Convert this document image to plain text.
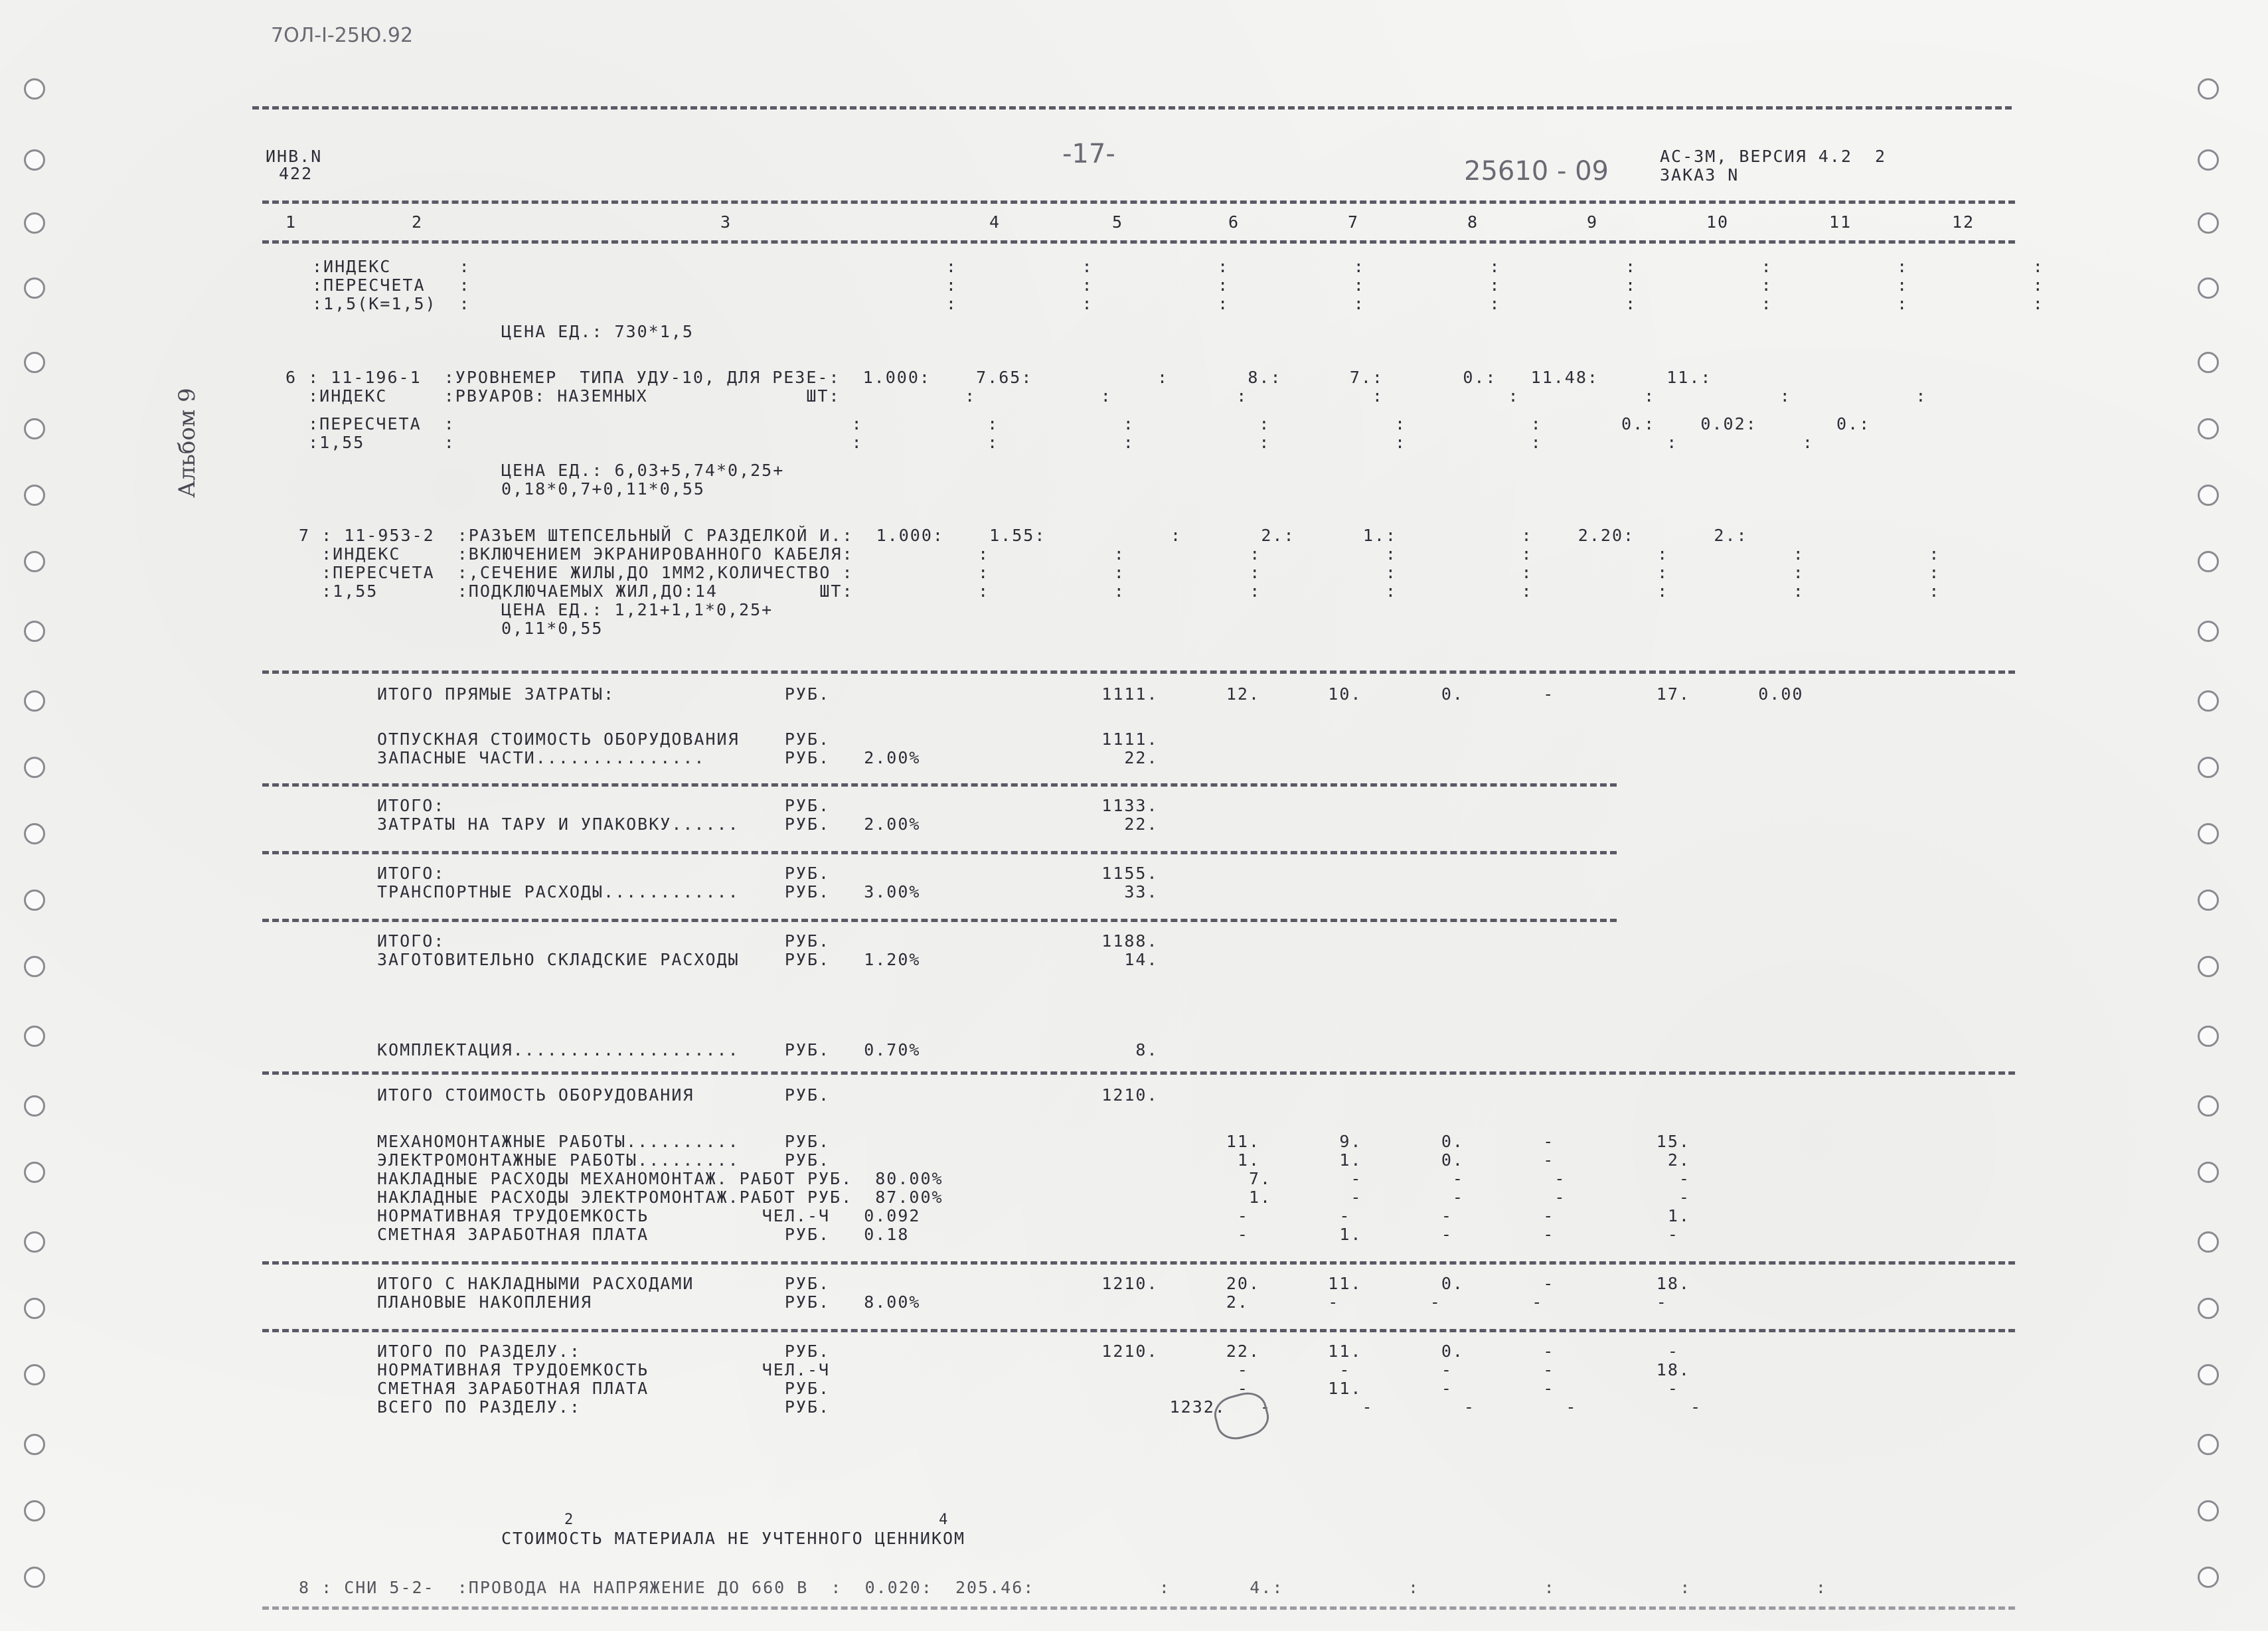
7ОЛ-I-25Ю.92
ИНВ.N
422
-17-
25610 - 09	АС-3М, ВЕРСИЯ 4.2  2
ЗАКАЗ N
Альбом 9
1	2	3	4	5	6	7	8	9	10	11	12
:ИНДЕКС      :                                          :           :           :           :           :           :           :           :           :
:ПЕРЕСЧЕТА   :                                          :           :           :           :           :           :           :           :           :
:1,5(К=1,5)  :                                          :           :           :           :           :           :           :           :           :
ЦЕНА ЕД.: 730*1,5
6 : 11-196-1  :УРОВНЕМЕР  ТИПА УДУ-10, ДЛЯ РЕЗЕ-:  1.000:    7.65:           :       8.:      7.:       0.:   11.48:      11.:
:ИНДЕКС     :РВУАРОВ: НАЗЕМНЫХ              ШТ:           :           :           :           :           :           :           :           :
:ПЕРЕСЧЕТА  :                                   :           :           :           :           :           :       0.:    0.02:       0.:
:1,55       :                                   :           :           :           :           :           :           :           :
ЦЕНА ЕД.: 6,03+5,74*0,25+
0,18*0,7+0,11*0,55
7 : 11-953-2  :РАЗЪЕМ ШТЕПСЕЛЬНЫЙ С РАЗДЕЛКОЙ И.:  1.000:    1.55:           :       2.:      1.:           :    2.20:       2.:
:ИНДЕКС     :ВКЛЮЧЕНИЕМ ЭКРАНИРОВАННОГО КАБЕЛЯ:           :           :           :           :           :           :           :           :
:ПЕРЕСЧЕТА  :,СЕЧЕНИЕ ЖИЛЫ,ДО 1ММ2,КОЛИЧЕСТВО :           :           :           :           :           :           :           :           :
:1,55       :ПОДКЛЮЧАЕМЫХ ЖИЛ,ДО:14         ШТ:           :           :           :           :           :           :           :           :
ЦЕНА ЕД.: 1,21+1,1*0,25+
0,11*0,55
ИТОГО ПРЯМЫЕ ЗАТРАТЫ:               РУБ.                        1111.      12.      10.       0.       -         17.      0.00
ОТПУСКНАЯ СТОИМОСТЬ ОБОРУДОВАНИЯ    РУБ.                        1111.
ЗАПАСНЫЕ ЧАСТИ...............       РУБ.   2.00%                  22.
ИТОГО:                              РУБ.                        1133.
ЗАТРАТЫ НА ТАРУ И УПАКОВКУ......    РУБ.   2.00%                  22.
ИТОГО:                              РУБ.                        1155.
ТРАНСПОРТНЫЕ РАСХОДЫ............    РУБ.   3.00%                  33.
ИТОГО:                              РУБ.                        1188.
ЗАГОТОВИТЕЛЬНО СКЛАДСКИЕ РАСХОДЫ    РУБ.   1.20%                  14.
КОМПЛЕКТАЦИЯ....................    РУБ.   0.70%                   8.
ИТОГО СТОИМОСТЬ ОБОРУДОВАНИЯ        РУБ.                        1210.
МЕХАНОМОНТАЖНЫЕ РАБОТЫ..........    РУБ.                                   11.       9.       0.       -         15.
ЭЛЕКТРОМОНТАЖНЫЕ РАБОТЫ.........    РУБ.                                    1.       1.       0.       -          2.
НАКЛАДНЫЕ РАСХОДЫ МЕХАНОМОНТАЖ. РАБОТ РУБ.  80.00%                           7.       -        -        -          -
НАКЛАДНЫЕ РАСХОДЫ ЭЛЕКТРОМОНТАЖ.РАБОТ РУБ.  87.00%                           1.       -        -        -          -
НОРМАТИВНАЯ ТРУДОЕМКОСТЬ          ЧЕЛ.-Ч   0.092                            -        -        -        -          1.
СМЕТНАЯ ЗАРАБОТНАЯ ПЛАТА            РУБ.   0.18                             -        1.       -        -          -
ИТОГО С НАКЛАДНЫМИ РАСХОДАМИ        РУБ.                        1210.      20.      11.       0.       -         18.
ПЛАНОВЫЕ НАКОПЛЕНИЯ                 РУБ.   8.00%                           2.       -        -        -          -
ИТОГО ПО РАЗДЕЛУ.:                  РУБ.                        1210.      22.      11.       0.       -          -
НОРМАТИВНАЯ ТРУДОЕМКОСТЬ          ЧЕЛ.-Ч                                    -        -        -        -         18.
СМЕТНАЯ ЗАРАБОТНАЯ ПЛАТА            РУБ.                                    -       11.       -        -          -
ВСЕГО ПО РАЗДЕЛУ.:                  РУБ.                              1232.   -        -        -        -          -
2                                    4
СТОИМОСТЬ МАТЕРИАЛА НЕ УЧТЕННОГО ЦЕННИКОМ
8 : СНИ 5-2-  :ПРОВОДА НА НАПРЯЖЕНИЕ ДО 660 В  :  0.020:  205.46:           :       4.:           :           :           :           :
